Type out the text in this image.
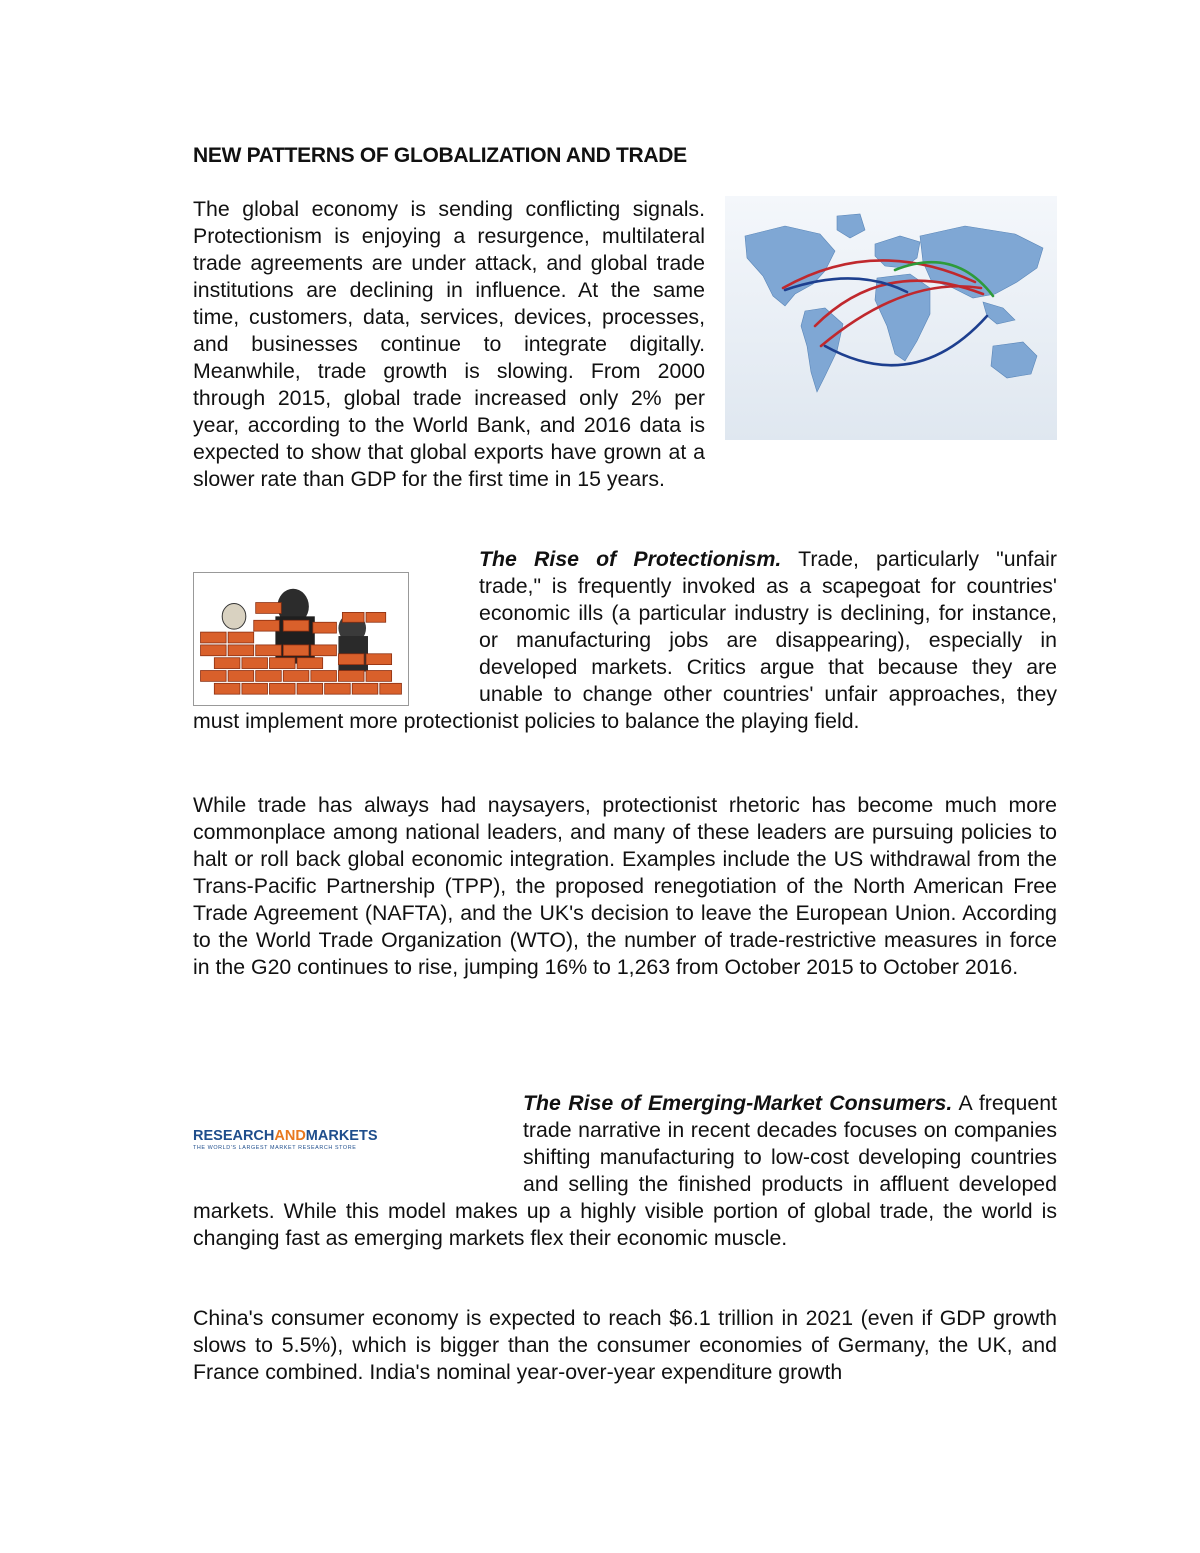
NEW PATTERNS OF GLOBALIZATION AND TRADE

The global economy is sending conflicting signals. Protectionism is enjoying a resurgence, multilateral trade agreements are under attack, and global trade institutions are declining in influence. At the same time, customers, data, services, devices, processes, and businesses continue to integrate digitally. Meanwhile, trade growth is slowing. From 2000 through 2015, global trade increased only 2% per year, according to the World Bank, and 2016 data is expected to show that global exports have grown at a slower rate than GDP for the first time in 15 years.

The Rise of Protectionism. Trade, particularly "unfair trade," is frequently invoked as a scapegoat for countries' economic ills (a particular industry is declining, for instance, or manufacturing jobs are disappearing), especially in developed markets. Critics argue that because they are unable to change other countries' unfair approaches, they must implement more protectionist policies to balance the playing field.

While trade has always had naysayers, protectionist rhetoric has become much more commonplace among national leaders, and many of these leaders are pursuing policies to halt or roll back global economic integration. Examples include the US withdrawal from the Trans-Pacific Partnership (TPP), the proposed renegotiation of the North American Free Trade Agreement (NAFTA), and the UK's decision to leave the European Union. According to the World Trade Organization (WTO), the number of trade-restrictive measures in force in the G20 continues to rise, jumping 16% to 1,263 from October 2015 to October 2016.

RESEARCHANDMARKETS
THE WORLD'S LARGEST MARKET RESEARCH STORE
The Rise of Emerging-Market Consumers. A frequent trade narrative in recent decades focuses on companies shifting manufacturing to low-cost developing countries and selling the finished products in affluent developed markets. While this model makes up a highly visible portion of global trade, the world is changing fast as emerging markets flex their economic muscle.

China's consumer economy is expected to reach $6.1 trillion in 2021 (even if GDP growth slows to 5.5%), which is bigger than the consumer economies of Germany, the UK, and France combined. India's nominal year-over-year expenditure growth
